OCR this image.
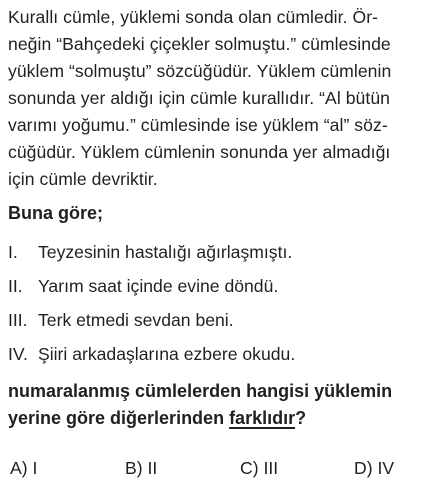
Kurallı cümle, yüklemi sonda olan cümledir. Ör-
neğin “Bahçedeki çiçekler solmuştu.” cümlesinde
yüklem “solmuştu” sözcüğüdür. Yüklem cümlenin
sonunda yer aldığı için cümle kurallıdır. “Al bütün
varımı yoğumu.” cümlesinde ise yüklem “al” söz-
cüğüdür. Yüklem cümlenin sonunda yer almadığı
için cümle devriktir.
Buna göre;
I. Teyzesinin hastalığı ağırlaşmıştı.
II. Yarım saat içinde evine döndü.
III. Terk etmedi sevdan beni.
IV. Şiiri arkadaşlarına ezbere okudu.
numaralanmış cümlelerden hangisi yüklemin
yerine göre diğerlerinden farklıdır?
A) I	B) II	C) III	D) IV
